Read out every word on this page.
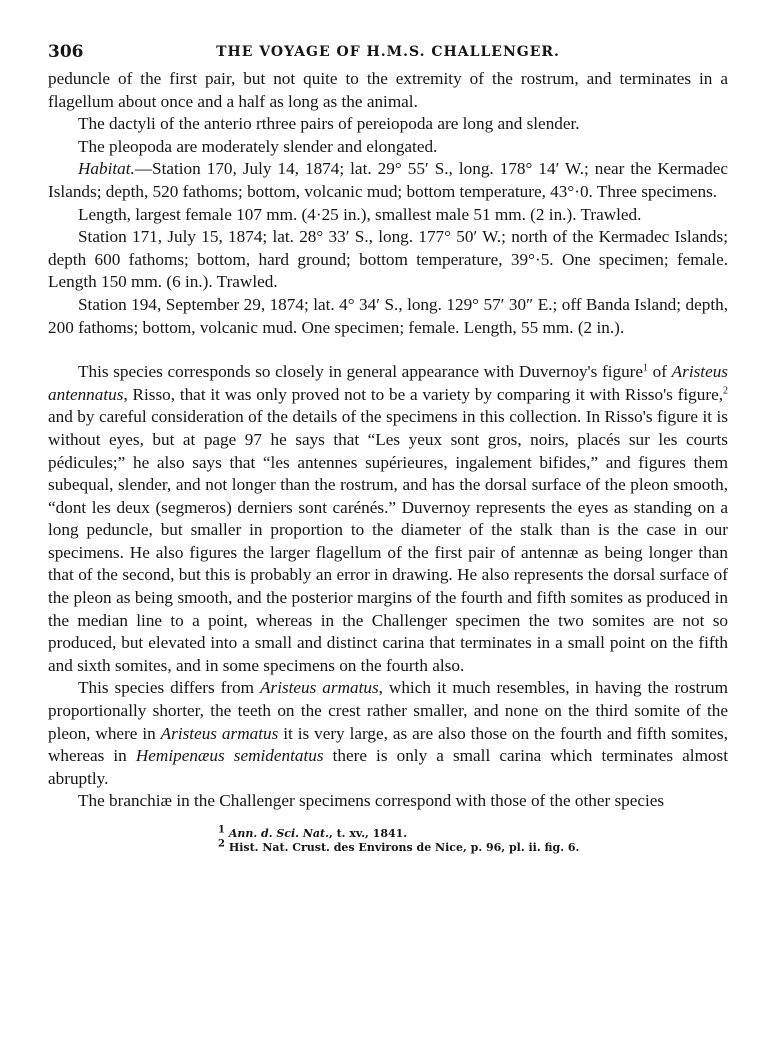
306	THE VOYAGE OF H.M.S. CHALLENGER.

peduncle of the first pair, but not quite to the extremity of the rostrum, and terminates in a flagellum about once and a half as long as the animal.

The dactyli of the anterio rthree pairs of pereiopoda are long and slender.

The pleopoda are moderately slender and elongated.

Habitat.—Station 170, July 14, 1874; lat. 29° 55′ S., long. 178° 14′ W.; near the Kermadec Islands; depth, 520 fathoms; bottom, volcanic mud; bottom temperature, 43°·0. Three specimens.

Length, largest female 107 mm. (4·25 in.), smallest male 51 mm. (2 in.). Trawled.

Station 171, July 15, 1874; lat. 28° 33′ S., long. 177° 50′ W.; north of the Kermadec Islands; depth 600 fathoms; bottom, hard ground; bottom temperature, 39°·5. One specimen; female. Length 150 mm. (6 in.). Trawled.

Station 194, September 29, 1874; lat. 4° 34′ S., long. 129° 57′ 30″ E.; off Banda Island; depth, 200 fathoms; bottom, volcanic mud. One specimen; female. Length, 55 mm. (2 in.).

This species corresponds so closely in general appearance with Duvernoy's figure$^1$ of Aristeus antennatus, Risso, that it was only proved not to be a variety by comparing it with Risso's figure,$^2$ and by careful consideration of the details of the specimens in this collection. In Risso's figure it is without eyes, but at page 97 he says that “Les yeux sont gros, noirs, placés sur les courts pédicules;” he also says that “les antennes supérieures, ingalement bifides,” and figures them subequal, slender, and not longer than the rostrum, and has the dorsal surface of the pleon smooth, “dont les deux (segmeros) derniers sont carénés.” Duvernoy represents the eyes as standing on a long peduncle, but smaller in proportion to the diameter of the stalk than is the case in our specimens. He also figures the larger flagellum of the first pair of antennæ as being longer than that of the second, but this is probably an error in drawing. He also represents the dorsal surface of the pleon as being smooth, and the posterior margins of the fourth and fifth somites as produced in the median line to a point, whereas in the Challenger specimen the two somites are not so produced, but elevated into a small and distinct carina that terminates in a small point on the fifth and sixth somites, and in some specimens on the fourth also.

This species differs from Aristeus armatus, which it much resembles, in having the rostrum proportionally shorter, the teeth on the crest rather smaller, and none on the third somite of the pleon, where in Aristeus armatus it is very large, as are also those on the fourth and fifth somites, whereas in Hemipenæus semidentatus there is only a small carina which terminates almost abruptly.

The branchiæ in the Challenger specimens correspond with those of the other species

$^1$ Ann. d. Sci. Nat., t. xv., 1841.
$^2$ Hist. Nat. Crust. des Environs de Nice, p. 96, pl. ii. fig. 6.
